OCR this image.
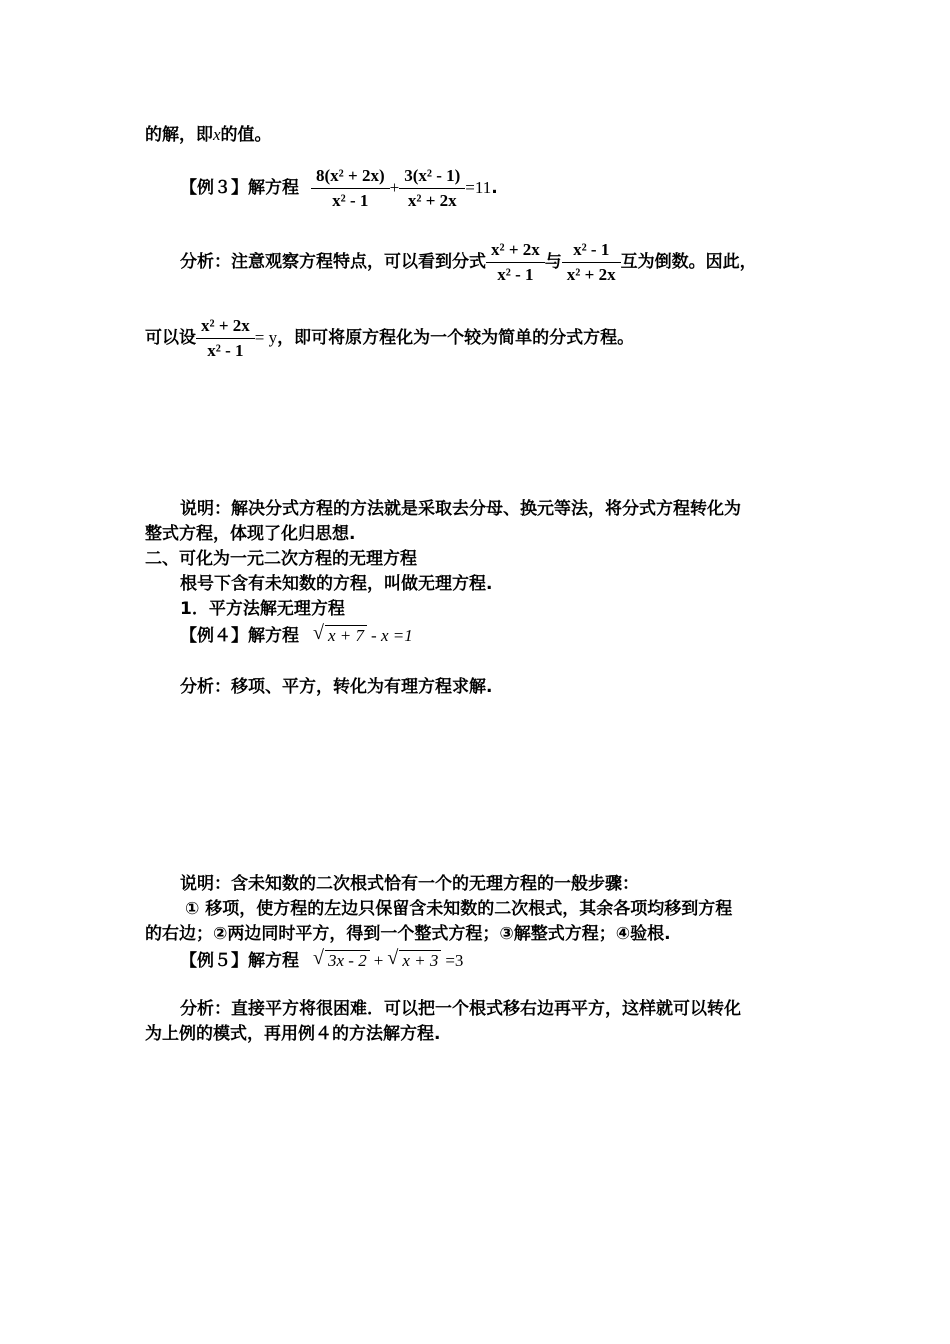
的解，即x的值。
【例３】 解方程 $\frac{\text{8(x² + 2x)}}{\text{x² - 1}} + \frac{\text{3(x² - 1)}}{\text{x² + 2x}} =11$ .
分析： 注意观察方程特点，可以看到分式 $\frac{\text{x² + 2x}}{\text{x² - 1}}$ 与 $\frac{\text{x² - 1}}{\text{x² + 2x}}$ 互为倒数。因此，
可以设 $\frac{\text{x² + 2x}}{\text{x² - 1}} = y$ ，即可将原方程化为一个较为简单的分式方程。
说明：解决分式方程的方法就是采取去分母、换元等法，将分式方程转化为
整式方程，体现了化归思想.
二、可化为一元二次方程的无理方程
根号下含有未知数的方程，叫做无理方程.
1．平方法解无理方程
【例４】 解方程 √ x + 7 - x =1
分析：移项、平方，转化为有理方程求解.
说明：含未知数的二次根式恰有一个的无理方程的一般步骤：
① 移项，使方程的左边只保留含未知数的二次根式，其余各项均移到方程
的右边；②两边同时平方，得到一个整式方程；③解整式方程；④验根.
【例５】 解方程 √ 3x - 2 + √ x + 3 =3
分析：直接平方将很困难．可以把一个根式移右边再平方，这样就可以转化
为上例的模式，再用例４的方法解方程.
